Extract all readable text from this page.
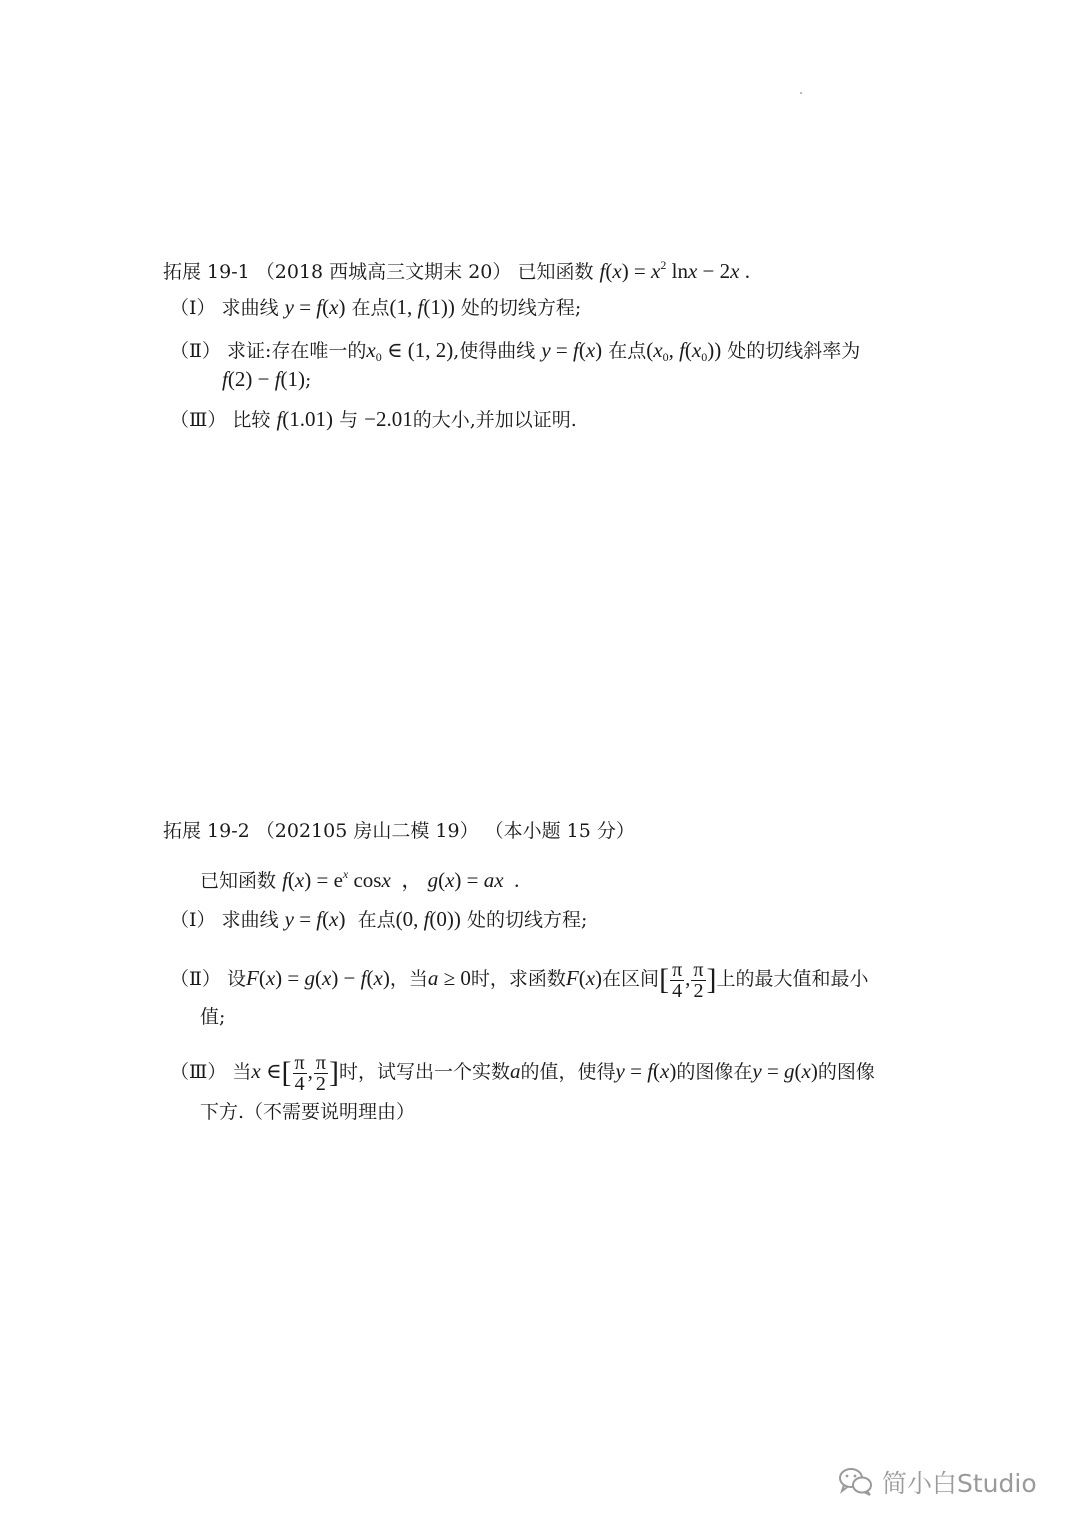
拓展 19-1 （2018 西城高三文期末 20） 已知函数 $f(x) = x^2$ lnx − 2x .
（Ⅰ） 求曲线 y = f(x) 在点(1, f(1)) 处的切线方程;
（Ⅱ） 求证:存在唯一的$x_0$ ∈ (1, 2),使得曲线 y = f(x) 在点($x_0$, $f(x_0)$) 处的切线斜率为
f(2) − f(1);
（Ⅲ） 比较 f(1.01) 与 −2.01的大小,并加以证明.
拓展 19-2 （202105 房山二模 19） （本小题 15 分）
已知函数 $f(x) = e^x$ cosx  ， g(x) = ax  .
（Ⅰ） 求曲线 y = f(x) 在点(0, f(0)) 处的切线方程;
（Ⅱ） 设F(x) = g(x) − f(x)，当a ≥ 0时，求函数F(x)在区间[ $\frac{\pi}{4}$ , $\frac{\pi}{2}$ ]上的最大值和最小
值;
（Ⅲ） 当x ∈[ $\frac{\pi}{4}$ , $\frac{\pi}{2}$ ]时，试写出一个实数a的值，使得y = f(x)的图像在y = g(x)的图像
下方.（不需要说明理由）
简小白Studio
